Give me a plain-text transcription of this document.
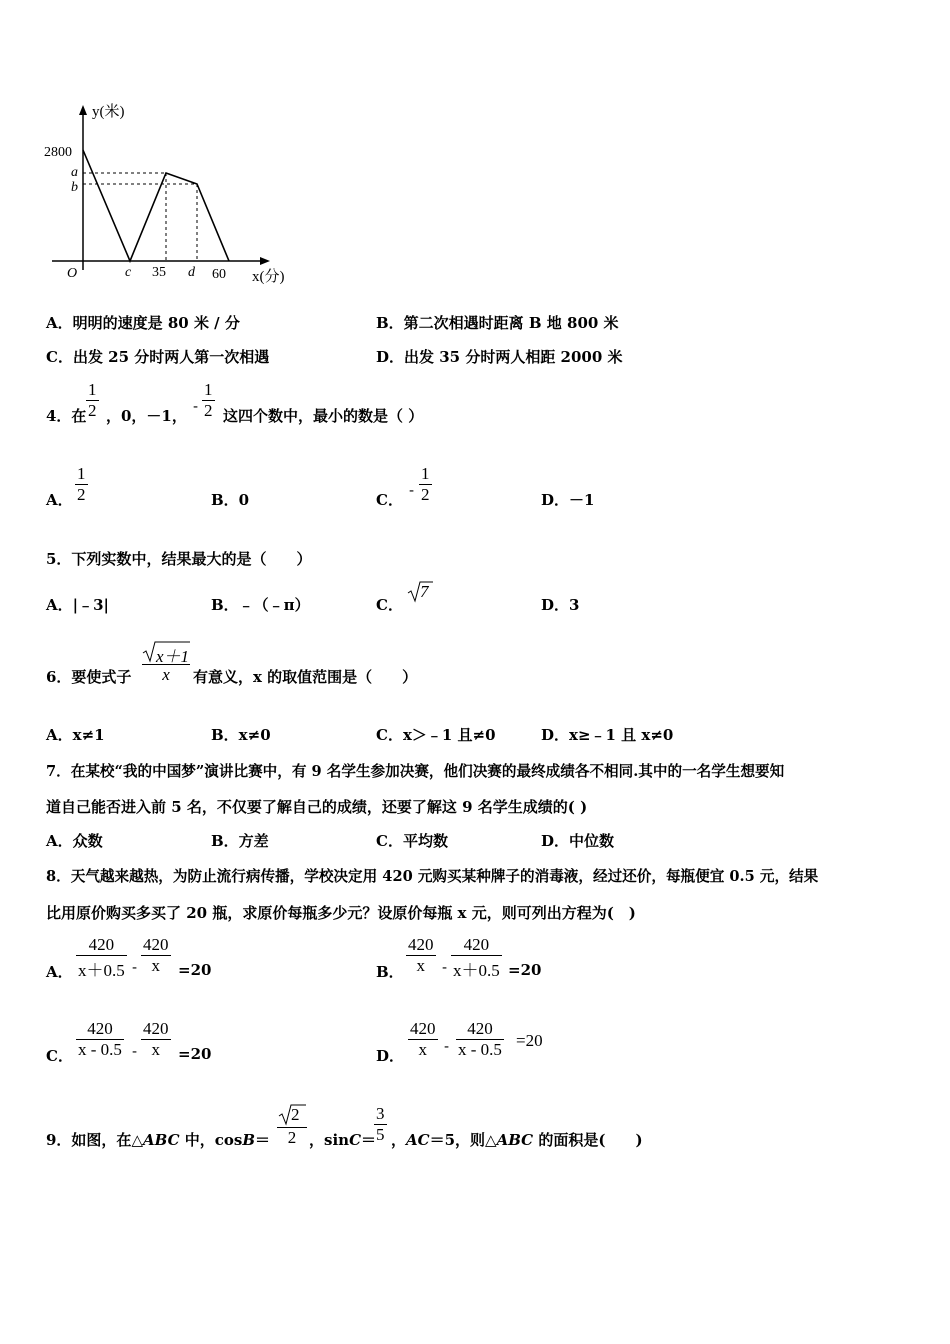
y(米)
x(分)
O
2800
a
b
c 35 d 60
A．明明的速度是 80 米 / 分	B．第二次相遇时距离 B 地 800 米
C．出发 25 分时两人第一次相遇	D．出发 35 分时两人相距 2000 米
4．在 $\frac{1}{2}$ ，0，－1，
- $\frac{1}{2}$ 这四个数中，最小的数是（ ）
A． $\frac{1}{2}$	B．0	C．
- $\frac{1}{2}$	D．－1
5．下列实数中，结果最大的是（　　）
A．|﹣3|	B．﹣（﹣π）	C．
7
D．3
6．要使式子
x＋1
x	有意义，x 的取值范围是（　　）
A．x≠1	B．x≠0	C．x＞﹣1 且≠0	D．x≥﹣1 且 x≠0
7．在某校“我的中国梦”演讲比赛中，有 9 名学生参加决赛，他们决赛的最终成绩各不相同.其中的一名学生想要知
道自己能否进入前 5 名，不仅要了解自己的成绩，还要了解这 9 名学生成绩的( )
A．众数	B．方差	C．平均数	D．中位数
8．天气越来越热，为防止流行病传播，学校决定用 420 元购买某种牌子的消毒液，经过还价，每瓶便宜 0.5 元，结果
比用原价购买多买了 20 瓶，求原价每瓶多少元？设原价每瓶 x 元，则可列出方程为(　)
A． $\frac{420}{x+0.5} - \frac{420}{x} =20$	B． $\frac{420}{x} - \frac{420}{x+0.5} =20$
C． $\frac{420}{x - 0.5} - \frac{420}{x} =20$	D． $\frac{420}{x} - \frac{420}{x - 0.5} =20$
9．如图，在△ABC 中，cosB＝
2
2 ，sinC＝
$\frac{3}{5}$ ，AC＝5，则△ABC 的面积是(　　)
